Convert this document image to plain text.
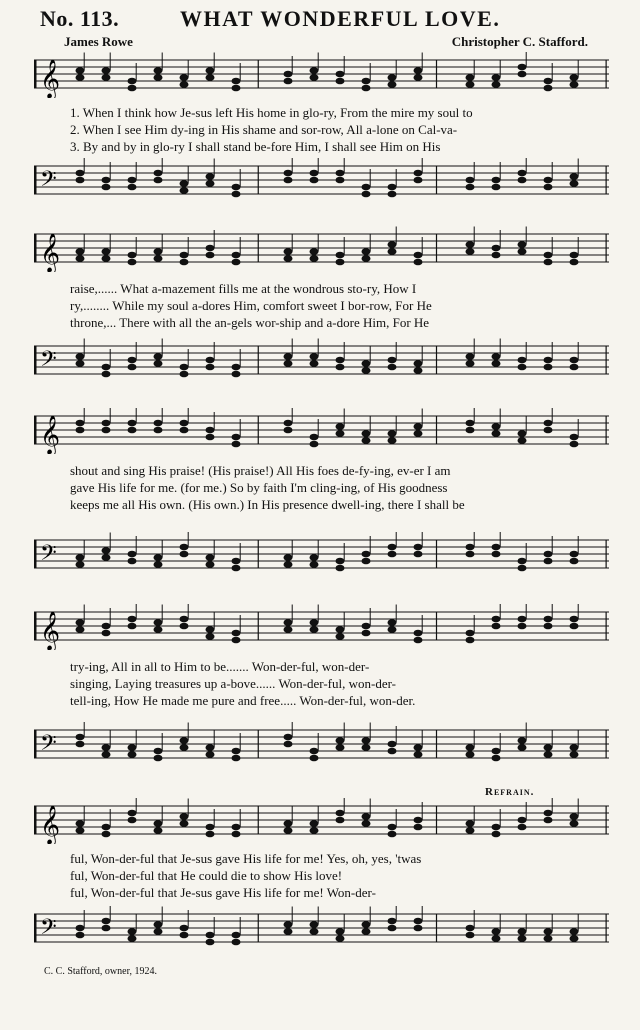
No. 113.	WHAT WONDERFUL LOVE.
James Rowe	Christopher C. Stafford.
𝄞
1. When I think how Je-sus left His home in glo-ry, From the mire my soul to
2. When I see Him dy-ing in His shame and sor-row, All a-lone on Cal-va-
3. By and by in glo-ry I shall stand be-fore Him, I shall see Him on His
𝄢
𝄞
raise,...... What a-mazement fills me at the wondrous sto-ry, How I
ry,........ While my soul a-dores Him, comfort sweet I bor-row, For He
throne,... There with all the an-gels wor-ship and a-dore Him, For He
𝄢
𝄞
shout and sing His praise! (His praise!) All His foes de-fy-ing, ev-er I am
gave His life for me. (for me.) So by faith I'm cling-ing, of His goodness
keeps me all His own. (His own.) In His presence dwell-ing, there I shall be
𝄢
𝄞
try-ing, All in all to Him to be....... Won-der-ful, won-der-
singing, Laying treasures up a-bove...... Won-der-ful, won-der-
tell-ing, How He made me pure and free..... Won-der-ful, won-der.
𝄢
Refrain.
𝄞
ful, Won-der-ful that Je-sus gave His life for me! Yes, oh, yes, 'twas
ful, Won-der-ful that He could die to show His love!
ful, Won-der-ful that Je-sus gave His life for me! Won-der-
𝄢
C. C. Stafford, owner, 1924.
